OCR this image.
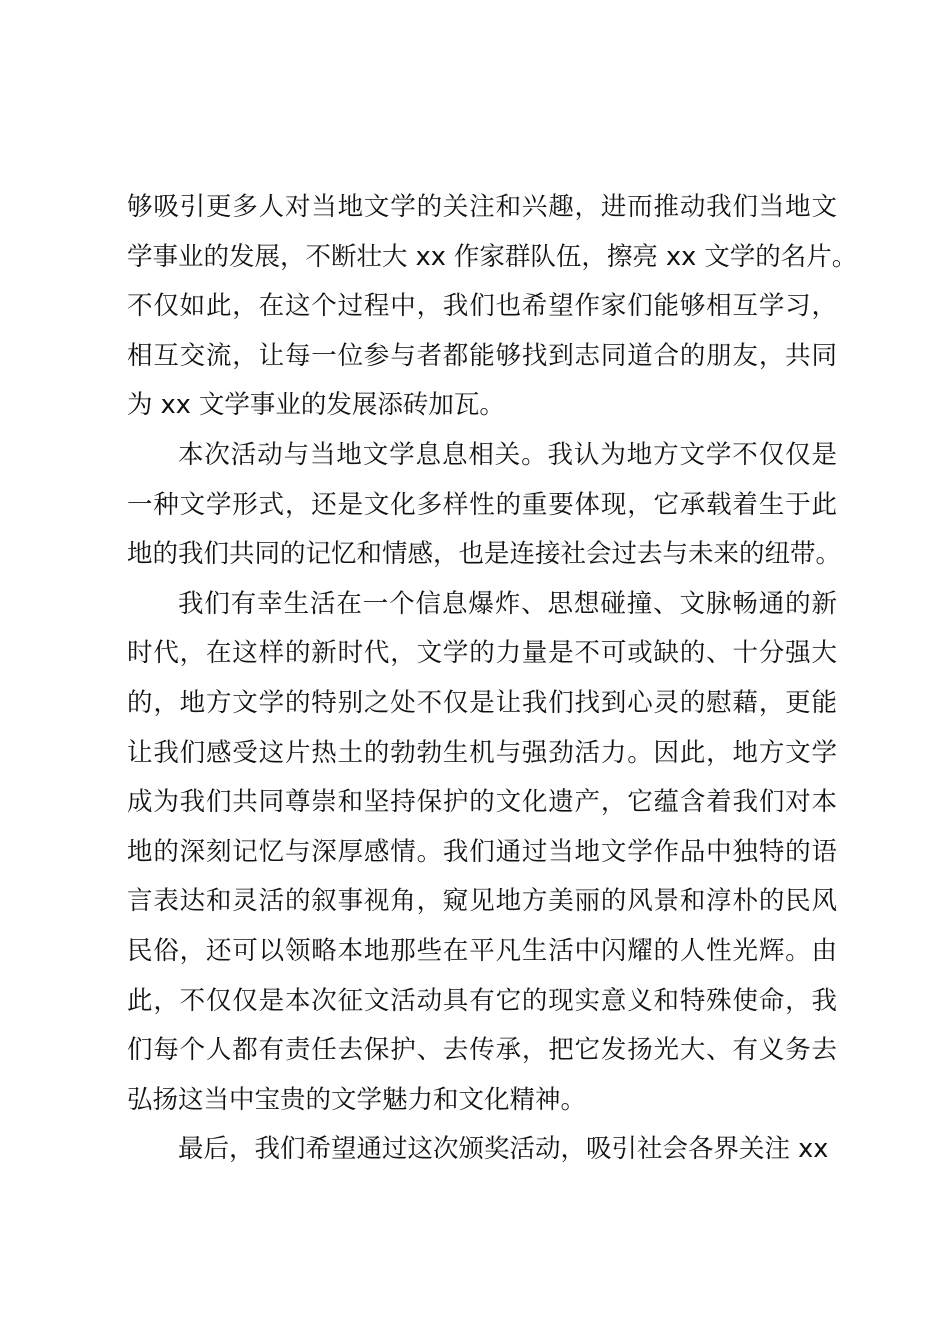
够吸引更多人对当地文学的关注和兴趣，进而推动我们当地文
学事业的发展，不断壮大 xx 作家群队伍，擦亮 xx 文学的名片。
不仅如此，在这个过程中，我们也希望作家们能够相互学习，
相互交流，让每一位参与者都能够找到志同道合的朋友，共同
为 xx 文学事业的发展添砖加瓦。
本次活动与当地文学息息相关。我认为地方文学不仅仅是
一种文学形式，还是文化多样性的重要体现，它承载着生于此
地的我们共同的记忆和情感，也是连接社会过去与未来的纽带。
我们有幸生活在一个信息爆炸、思想碰撞、文脉畅通的新
时代，在这样的新时代，文学的力量是不可或缺的、十分强大
的，地方文学的特别之处不仅是让我们找到心灵的慰藉，更能
让我们感受这片热土的勃勃生机与强劲活力。因此，地方文学
成为我们共同尊崇和坚持保护的文化遗产，它蕴含着我们对本
地的深刻记忆与深厚感情。我们通过当地文学作品中独特的语
言表达和灵活的叙事视角，窥见地方美丽的风景和淳朴的民风
民俗，还可以领略本地那些在平凡生活中闪耀的人性光辉。由
此，不仅仅是本次征文活动具有它的现实意义和特殊使命，我
们每个人都有责任去保护、去传承，把它发扬光大、有义务去
弘扬这当中宝贵的文学魅力和文化精神。
最后，我们希望通过这次颁奖活动，吸引社会各界关注 xx
